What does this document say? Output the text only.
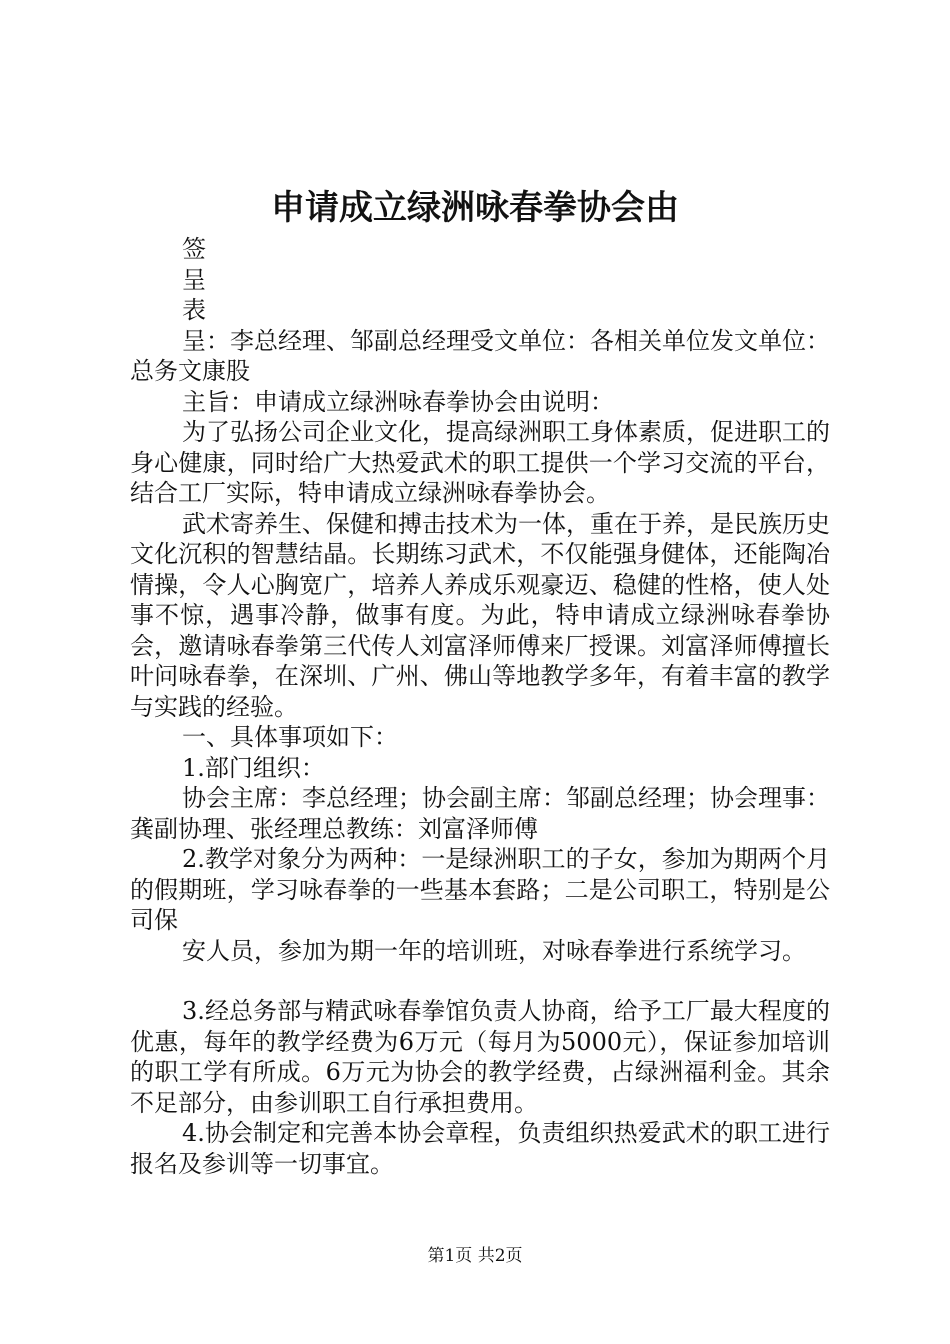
申请成立绿洲咏春拳协会由

签

呈

表

呈：李总经理、邹副总经理受文单位：各相关单位发文单位：总务文康股

主旨：申请成立绿洲咏春拳协会由说明：

为了弘扬公司企业文化，提高绿洲职工身体素质，促进职工的身心健康，同时给广大热爱武术的职工提供一个学习交流的平台，结合工厂实际，特申请成立绿洲咏春拳协会。

武术寄养生、保健和搏击技术为一体，重在于养，是民族历史文化沉积的智慧结晶。长期练习武术，不仅能强身健体，还能陶冶情操，令人心胸宽广，培养人养成乐观豪迈、稳健的性格，使人处事不惊，遇事冷静，做事有度。为此，特申请成立绿洲咏春拳协会，邀请咏春拳第三代传人刘富泽师傅来厂授课。刘富泽师傅擅长叶问咏春拳，在深圳、广州、佛山等地教学多年，有着丰富的教学与实践的经验。

一、具体事项如下：

1.部门组织：

协会主席：李总经理；协会副主席：邹副总经理；协会理事：龚副协理、张经理总教练：刘富泽师傅

2.教学对象分为两种：一是绿洲职工的子女，参加为期两个月的假期班，学习咏春拳的一些基本套路；二是公司职工，特别是公司保

安人员，参加为期一年的培训班，对咏春拳进行系统学习。

3.经总务部与精武咏春拳馆负责人协商，给予工厂最大程度的优惠，每年的教学经费为6万元（每月为5000元），保证参加培训的职工学有所成。6万元为协会的教学经费，占绿洲福利金。其余不足部分，由参训职工自行承担费用。

4.协会制定和完善本协会章程，负责组织热爱武术的职工进行报名及参训等一切事宜。

第1页 共2页
